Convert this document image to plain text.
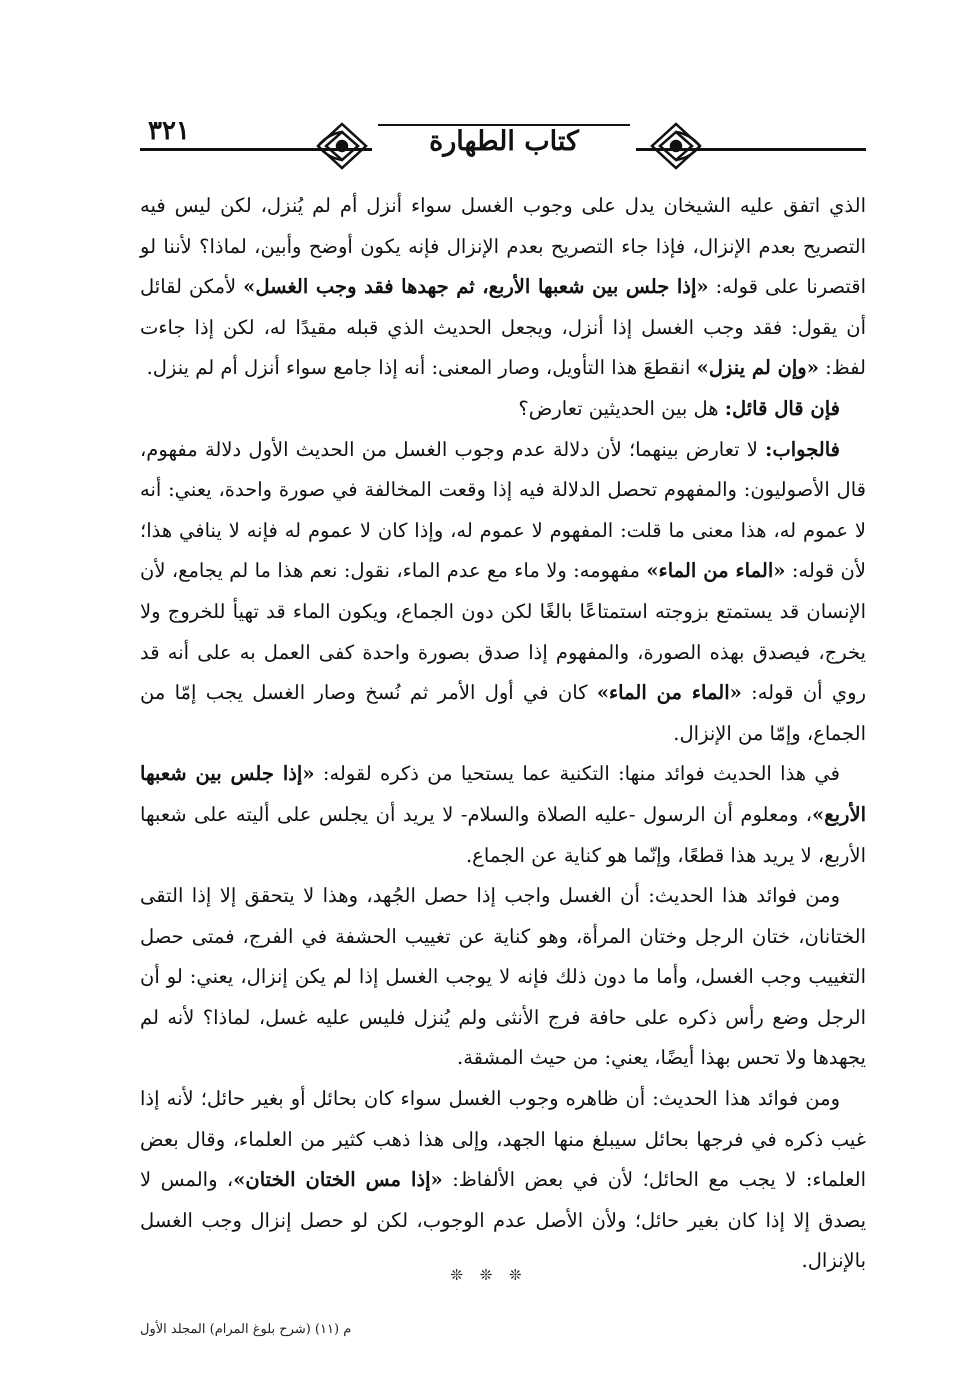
٣٢١	كتاب الطهارة

الذي اتفق عليه الشيخان يدل على وجوب الغسل سواء أنزل أم لم يُنزل، لكن ليس فيه التصريح بعدم الإنزال، فإذا جاء التصريح بعدم الإنزال فإنه يكون أوضح وأبين، لماذا؟ لأننا لو اقتصرنا على قوله: «إذا جلس بين شعبها الأربع، ثم جهدها فقد وجب الغسل» لأمكن لقائل أن يقول: فقد وجب الغسل إذا أنزل، ويجعل الحديث الذي قبله مقيدًا له، لكن إذا جاءت لفظ: «وإن لم ينزل» انقطعَ هذا التأويل، وصار المعنى: أنه إذا جامع سواء أنزل أم لم ينزل.

فإن قال قائل: هل بين الحديثين تعارض؟

فالجواب: لا تعارض بينهما؛ لأن دلالة عدم وجوب الغسل من الحديث الأول دلالة مفهوم، قال الأصوليون: والمفهوم تحصل الدلالة فيه إذا وقعت المخالفة في صورة واحدة، يعني: أنه لا عموم له، هذا معنى ما قلت: المفهوم لا عموم له، وإذا كان لا عموم له فإنه لا ينافي هذا؛ لأن قوله: «الماء من الماء» مفهومه: ولا ماء مع عدم الماء، نقول: نعم هذا ما لم يجامع، لأن الإنسان قد يستمتع بزوجته استمتاعًا بالغًا لكن دون الجماع، ويكون الماء قد تهيأ للخروج ولا يخرج، فيصدق بهذه الصورة، والمفهوم إذا صدق بصورة واحدة كفى العمل به على أنه قد روي أن قوله: «الماء من الماء» كان في أول الأمر ثم نُسخ وصار الغسل يجب إمّا من الجماع، وإمّا من الإنزال.

في هذا الحديث فوائد منها: التكنية عما يستحيا من ذكره لقوله: «إذا جلس بين شعبها الأربع»، ومعلوم أن الرسول -عليه الصلاة والسلام- لا يريد أن يجلس على أليته على شعبها الأربع، لا يريد هذا قطعًا، وإنّما هو كناية عن الجماع.

ومن فوائد هذا الحديث: أن الغسل واجب إذا حصل الجُهد، وهذا لا يتحقق إلا إذا التقى الختانان، ختان الرجل وختان المرأة، وهو كناية عن تغييب الحشفة في الفرج، فمتى حصل التغييب وجب الغسل، وأما ما دون ذلك فإنه لا يوجب الغسل إذا لم يكن إنزال، يعني: لو أن الرجل وضع رأس ذكره على حافة فرج الأنثى ولم يُنزل فليس عليه غسل، لماذا؟ لأنه لم يجهدها ولا تحس بهذا أيضًا، يعني: من حيث المشقة.

ومن فوائد هذا الحديث: أن ظاهره وجوب الغسل سواء كان بحائل أو بغير حائل؛ لأنه إذا غيب ذكره في فرجها بحائل سيبلغ منها الجهد، وإلى هذا ذهب كثير من العلماء، وقال بعض العلماء: لا يجب مع الحائل؛ لأن في بعض الألفاظ: «إذا مس الختان الختان»، والمس لا يصدق إلا إذا كان بغير حائل؛ ولأن الأصل عدم الوجوب، لكن لو حصل إنزال وجب الغسل بالإنزال.

❊ ❊ ❊
م (١١) (شرح بلوغ المرام) المجلد الأول
